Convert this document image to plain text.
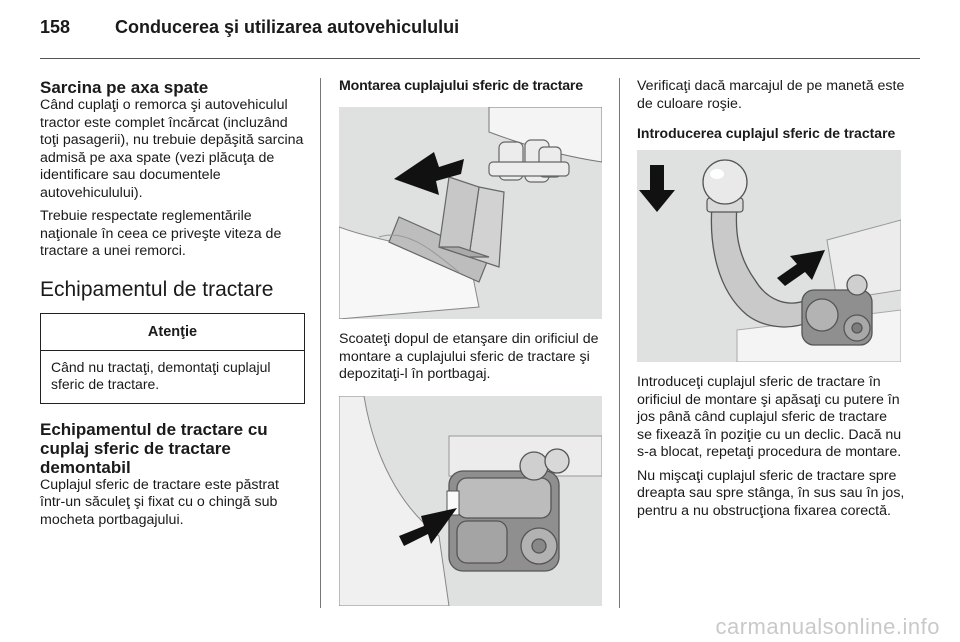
158 Conducerea şi utilizarea autovehiculului
Sarcina pe axa spate

Când cuplaţi o remorca şi autovehiculul tractor este complet încărcat (incluzând toţi pasagerii), nu trebuie depăşită sarcina admisă pe axa spate (vezi plăcuţa de identificare sau documentele autovehiculului).

Trebuie respectate reglementările naţionale în ceea ce priveşte viteza de tractare a unei remorci.

Echipamentul de tractare
Atenţie
Când nu tractaţi, demontaţi cuplajul sferic de tractare.
Echipamentul de tractare cu cuplaj sferic de tractare demontabil

Cuplajul sferic de tractare este păstrat într-un săculeţ şi fixat cu o chingă sub mocheta portbagajului.

Montarea cuplajului sferic de tractare

Scoateţi dopul de etanşare din orificiul de montare a cuplajului sferic de tractare şi depozitaţi-l în portbagaj.

Verificaţi dacă marcajul de pe manetă este de culoare roşie.

Introducerea cuplajul sferic de tractare

Introduceţi cuplajul sferic de tractare în orificiul de montare şi apăsaţi cu putere în jos până când cuplajul sferic de tractare se fixează în poziţie cu un declic. Dacă nu s-a blocat, repetaţi procedura de montare.

Nu mişcaţi cuplajul sferic de tractare spre dreapta sau spre stânga, în sus sau în jos, pentru a nu obstrucţiona fixarea corectă.

carmanualsonline.info
